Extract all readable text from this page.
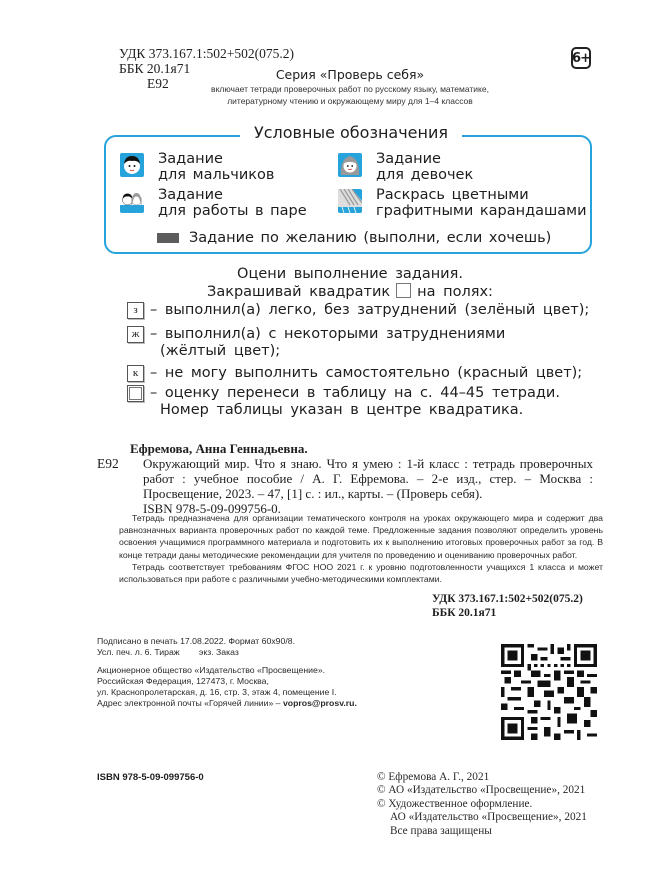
УДК 373.167.1:502+502(075.2)
ББК 20.1я71
Е92
6+
Серия «Проверь себя»
включает тетради проверочных работ по русскому языку, математике,
литературному чтению и окружающему миру для 1–4 классов
Условные обозначения
Задание
для мальчиков
Задание
для девочек
Задание
для работы в паре
Раскрась цветными
графитными карандашами
Задание по желанию (выполни, если хочешь)
Оцени выполнение задания.
Закрашивай квадратик на полях:
з – выполнил(а) легко, без затруднений (зелёный цвет);
ж – выполнил(а) с некоторыми затруднениями
(жёлтый цвет);
к – не могу выполнить самостоятельно (красный цвет);
– оценку перенеси в таблицу на с. 44–45 тетради.
Номер таблицы указан в центре квадратика.
Ефремова, Анна Геннадьевна.
Е92 Окружающий мир. Что я знаю. Что я умею : 1-й класс : тетрадь проверочных работ : учебное пособие / А. Г. Ефремова. – 2-е изд., стер. – Москва : Просвещение, 2023. – 47, [1] с. : ил., карты. – (Проверь себя).
ISBN 978-5-09-099756-0.

Тетрадь предназначена для организации тематического контроля на уроках окружающего мира и содержит два равнозначных варианта проверочных работ по каждой теме. Предложенные задания позволяют определить уровень освоения учащимися программного материала и подготовить их к выполнению итоговых проверочных работ за год. В конце тетради даны методические рекомендации для учителя по проведению и оцениванию проверочных работ.

Тетрадь соответствует требованиям ФГОС НОО 2021 г. к уровню подготовленности учащихся 1 класса и может использоваться при работе с различными учебно-методическими комплектами.

УДК 373.167.1:502+502(075.2)
ББК 20.1я71
Подписано в печать 17.08.2022. Формат 60х90/8.
Усл. печ. л. 6. Тираж        экз. Заказ
Акционерное общество «Издательство «Просвещение».
Российская Федерация, 127473, г. Москва,
ул. Краснопролетарская, д. 16, стр. 3, этаж 4, помещение I.
Адрес электронной почты «Горячей линии» – vopros@prosv.ru.
ISBN 978-5-09-099756-0	© Ефремова А. Г., 2021
© АО «Издательство «Просвещение», 2021
© Художественное оформление.
АО «Издательство «Просвещение», 2021
Все права защищены
